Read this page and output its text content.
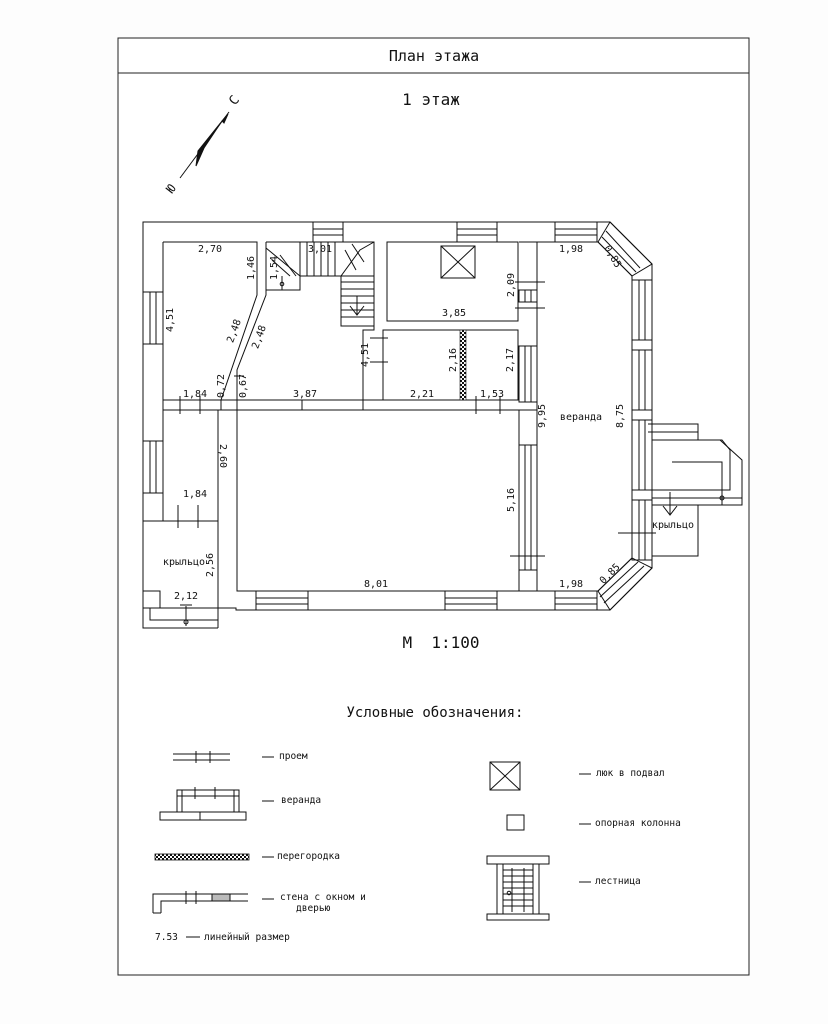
План этажа
1 этаж
С
Ю
2,70	3,01
1,46 1,54
4,51	2,48 2,48
0,72 0,67
1,84	3,87
4,51
2,09
3,85
2,16	2,17
2,21	1,53
1,98 0,85
9,95	8,75
2,60
1,84	5,16
2,56
2,12
8,01	1,98 0,85
веранда
крыльцо
крыльцо
М  1:100
Условные обозначения:
проем
веранда
перегородка
стена с окном и
дверью
7.53	линейный размер
люк в подвал
опорная колонна
лестница
